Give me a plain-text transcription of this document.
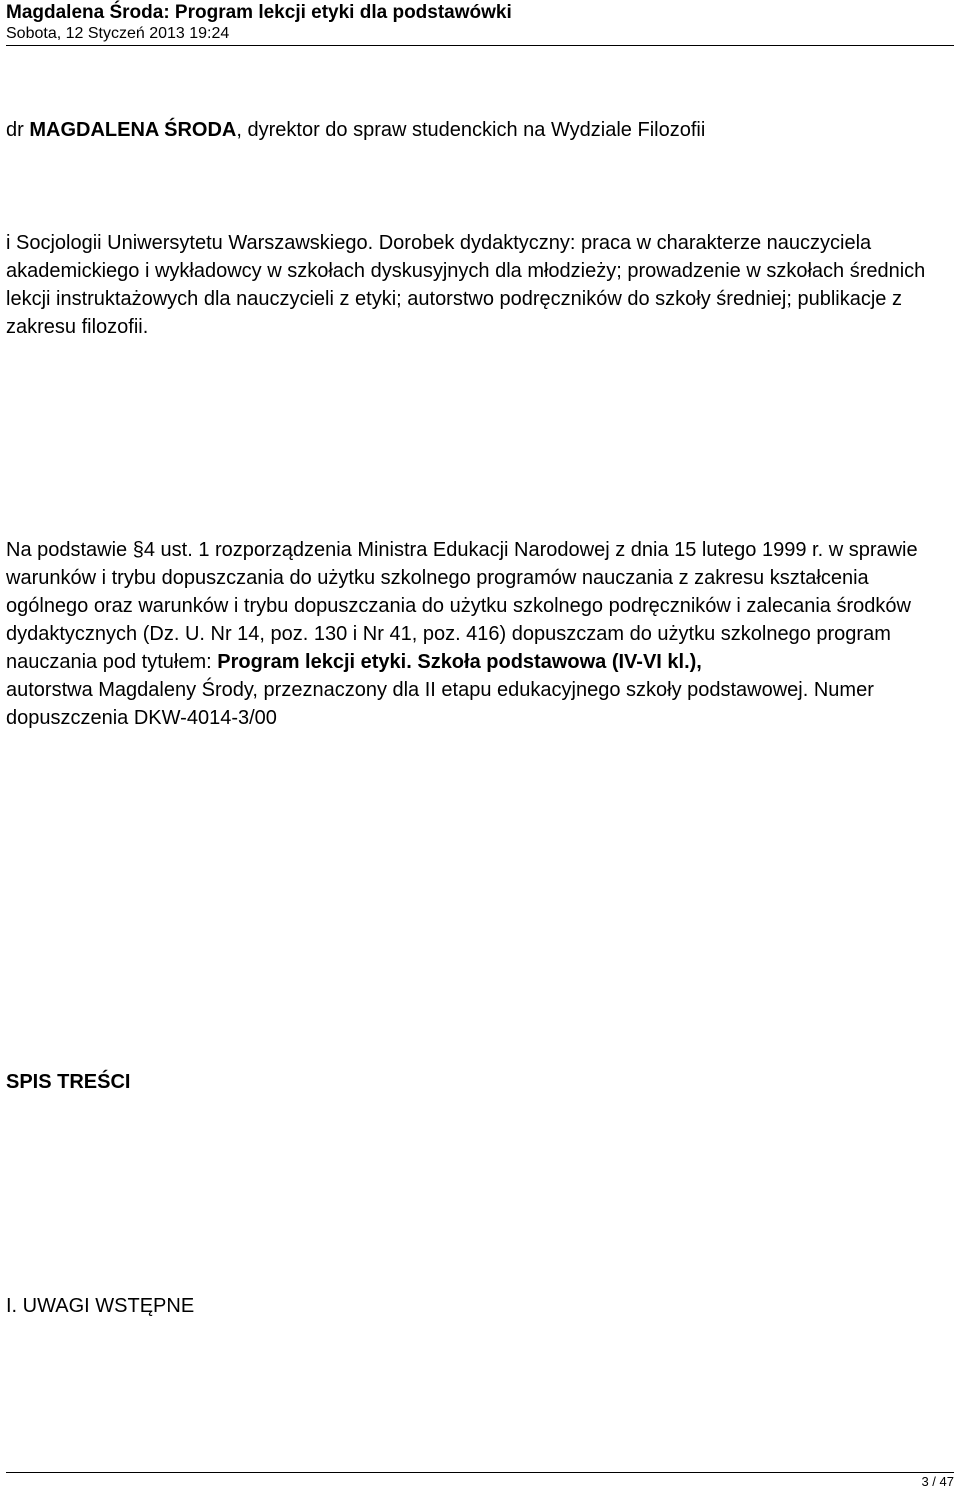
Magdalena Środa: Program lekcji etyki dla podstawówki
Sobota, 12 Styczeń 2013 19:24

dr MAGDALENA ŚRODA, dyrektor do spraw studenckich na Wydziale Filozofii

i Socjologii Uniwersytetu Warszawskiego. Dorobek dydaktyczny: praca w charakterze nauczyciela akademickiego i wykładowcy w szkołach dyskusyjnych dla młodzieży; prowadzenie w szkołach średnich lekcji instruktażowych dla nauczycieli z etyki; autorstwo podręczników do szkoły średniej; publikacje z zakresu filozofii.

Na podstawie §4 ust. 1 rozporządzenia Ministra Edukacji Narodowej z dnia 15 lutego 1999 r. w sprawie warunków i trybu dopuszczania do użytku szkolnego programów nauczania z zakresu kształcenia ogólnego oraz warunków i trybu dopuszczania do użytku szkolnego podręczników i zalecania środków dydaktycznych (Dz. U. Nr 14, poz. 130 i Nr 41, poz. 416) dopuszczam do użytku szkolnego program nauczania pod tytułem: Program lekcji etyki. Szkoła podstawowa (IV-VI kl.),autorstwa Magdaleny Środy, przeznaczony dla II etapu edukacyjnego szkoły podstawowej. Numer dopuszczenia DKW-4014-3/00

SPIS TREŚCI

I. UWAGI WSTĘPNE

3 / 47
